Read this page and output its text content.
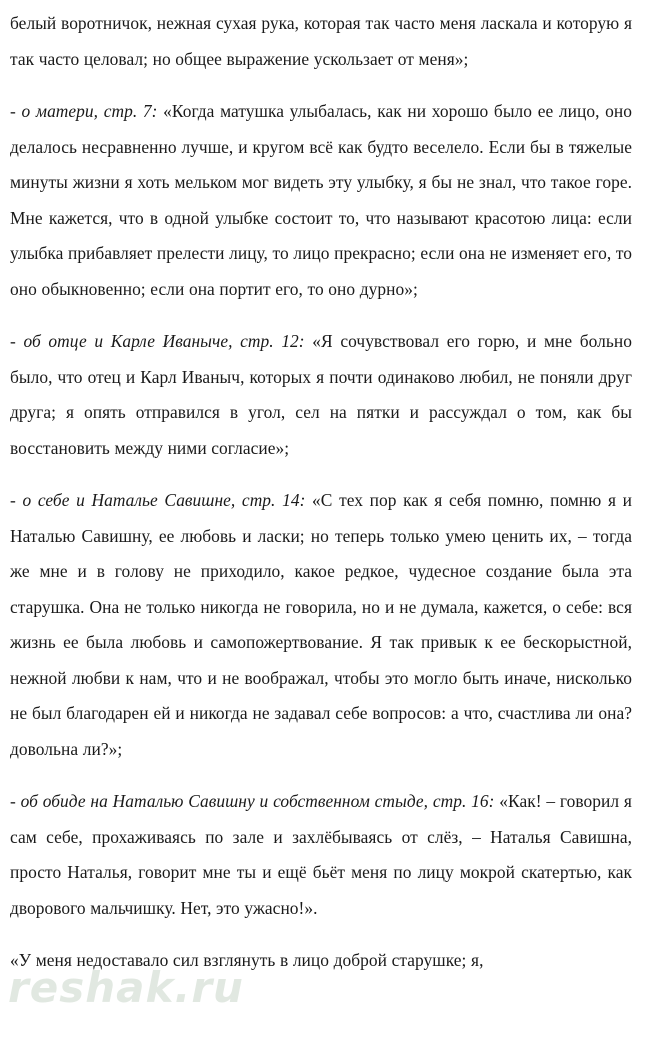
белый воротничок, нежная сухая рука, которая так часто меня ласкала и которую я так часто целовал; но общее выражение ускользает от меня»;

- о матери, стр. 7: «Когда матушка улыбалась, как ни хорошо было ее лицо, оно делалось несравненно лучше, и кругом всё как будто веселело. Если бы в тяжелые минуты жизни я хоть мельком мог видеть эту улыбку, я бы не знал, что такое горе. Мне кажется, что в одной улыбке состоит то, что называют красотою лица: если улыбка прибавляет прелести лицу, то лицо прекрасно; если она не изменяет его, то оно обыкновенно; если она портит его, то оно дурно»;

- об отце и Карле Иваныче, стр. 12: «Я сочувствовал его горю, и мне больно было, что отец и Карл Иваныч, которых я почти одинаково любил, не поняли друг друга; я опять отправился в угол, сел на пятки и рассуждал о том, как бы восстановить между ними согласие»;

- о себе и Наталье Савишне, стр. 14: «С тех пор как я себя помню, помню я и Наталью Савишну, ее любовь и ласки; но теперь только умею ценить их, – тогда же мне и в голову не приходило, какое редкое, чудесное создание была эта старушка. Она не только никогда не говорила, но и не думала, кажется, о себе: вся жизнь ее была любовь и самопожертвование. Я так привык к ее бескорыстной, нежной любви к нам, что и не воображал, чтобы это могло быть иначе, нисколько не был благодарен ей и никогда не задавал себе вопросов: а что, счастлива ли она? довольна ли?»;

- об обиде на Наталью Савишну и собственном стыде, стр. 16: «Как! – говорил я сам себе, прохаживаясь по зале и захлёбываясь от слёз, – Наталья Савишна, просто Наталья, говорит мне ты и ещё бьёт меня по лицу мокрой скатертью, как дворового мальчишку. Нет, это ужасно!».

«У меня недоставало сил взглянуть в лицо доброй старушке; я,

reshak.ru
